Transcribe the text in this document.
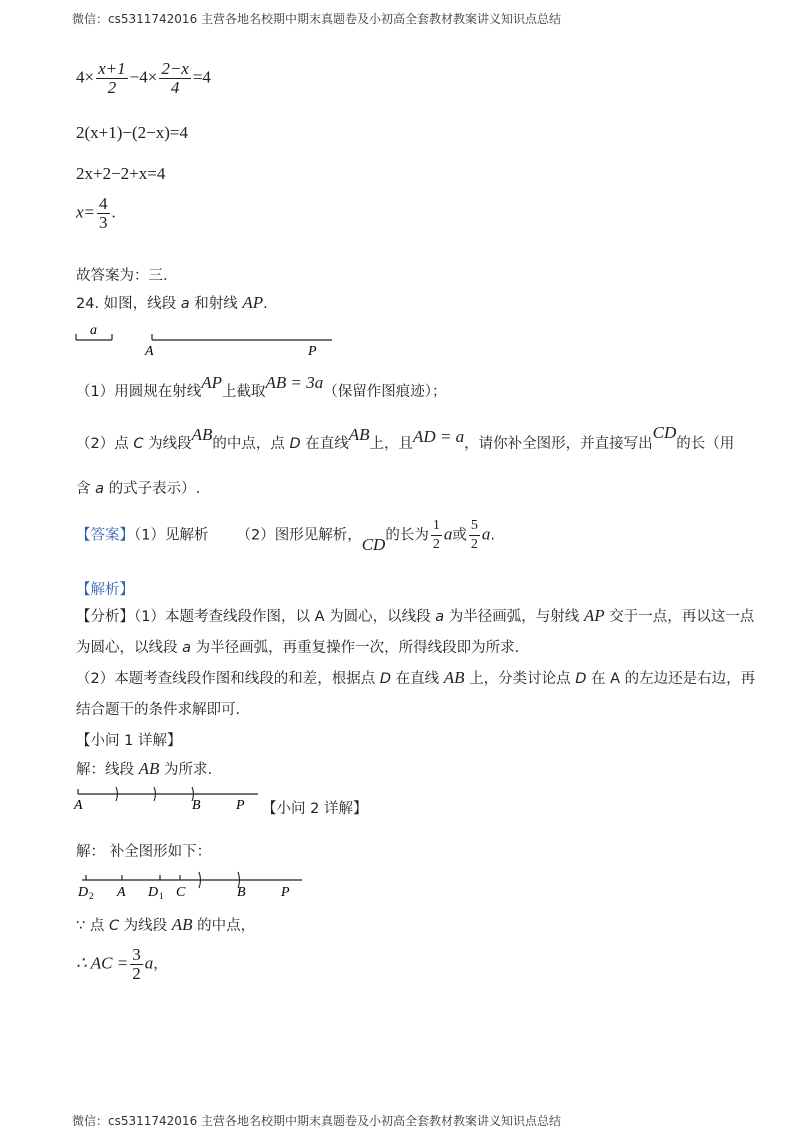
微信：cs5311742016 主营各地名校期中期末真题卷及小初高全套教材教案讲义知识点总结
$4\times \frac{x+1}{2} -4\times \frac{2-x}{4} =4$
2(x+1)−(2−x)=4
2x+2−2+x=4
$x= \frac{4}{3}$ .
故答案为：三.
24. 如图，线段 a 和射线 AP.
a
A	P
（1）用圆规在射线AP上截取AB = 3a（保留作图痕迹）；
（2）点 C 为线段AB的中点，点 D 在直线AB上，且AD = a，请你补全图形，并直接写出CD的长（用
含 a 的式子表示）.
【答案】（1）见解析 （2）图形见解析，CD的长为 $\frac{1}{2}$ a或 $\frac{5}{2} a$.
【解析】
【分析】（1）本题考查线段作图，以 A 为圆心，以线段 a 为半径画弧，与射线 AP 交于一点，再以这一点
为圆心，以线段 a 为半径画弧，再重复操作一次，所得线段即为所求.
（2）本题考查线段作图和线段的和差，根据点 D 在直线 AB 上，分类讨论点 D 在 A 的左边还是右边，再
结合题干的条件求解即可.
【小问 1 详解】
解：线段 AB 为所求.
A	B	P 【小问 2 详解】
解： 补全图形如下：
D 2 A D 1 C	B	P
∵ 点 C 为线段 AB 的中点，
∴ AC = $\frac{3}{2}$ a，
微信：cs5311742016 主营各地名校期中期末真题卷及小初高全套教材教案讲义知识点总结
